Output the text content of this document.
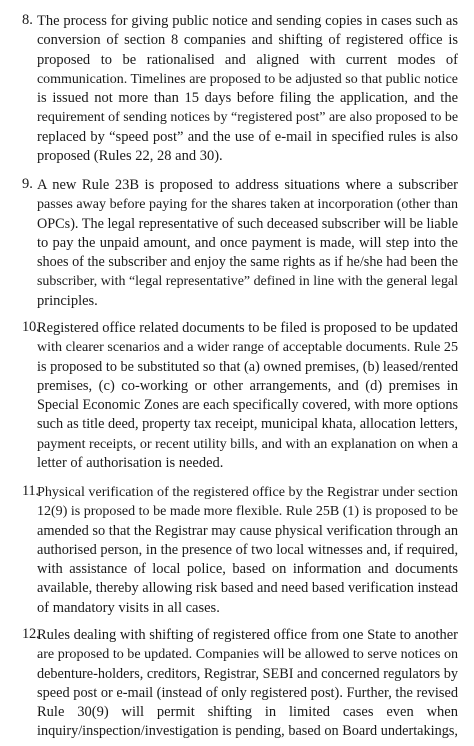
8. The process for giving public notice and sending copies in cases such as
conversion of section 8 companies and shifting of registered office is
proposed to be rationalised and aligned with current modes of
communication. Timelines are proposed to be adjusted so that public notice
is issued not more than 15 days before filing the application, and the
requirement of sending notices by “registered post” are also proposed to be
replaced by “speed post” and the use of e-mail in specified rules is also
proposed (Rules 22, 28 and 30).
9. A new Rule 23B is proposed to address situations where a subscriber
passes away before paying for the shares taken at incorporation (other than
OPCs). The legal representative of such deceased subscriber will be liable
to pay the unpaid amount, and once payment is made, will step into the
shoes of the subscriber and enjoy the same rights as if he/she had been the
subscriber, with “legal representative” defined in line with the general legal
principles.
10.
Registered office related documents to be filed is proposed to be updated
with clearer scenarios and a wider range of acceptable documents. Rule 25
is proposed to be substituted so that (a) owned premises, (b) leased/rented
premises, (c) co-working or other arrangements, and (d) premises in
Special Economic Zones are each specifically covered, with more options
such as title deed, property tax receipt, municipal khata, allocation letters,
payment receipts, or recent utility bills, and with an explanation on when a
letter of authorisation is needed.
11.
Physical verification of the registered office by the Registrar under section
12(9) is proposed to be made more flexible. Rule 25B (1) is proposed to be
amended so that the Registrar may cause physical verification through an
authorised person, in the presence of two local witnesses and, if required,
with assistance of local police, based on information and documents
available, thereby allowing risk based and need based verification instead
of mandatory visits in all cases.
12.
Rules dealing with shifting of registered office from one State to another
are proposed to be updated. Companies will be allowed to serve notices on
debenture-holders, creditors, Registrar, SEBI and concerned regulators by
speed post or e-mail (instead of only registered post). Further, the revised
Rule 30(9) will permit shifting in limited cases even when
inquiry/inspection/investigation is pending, based on Board undertakings,
